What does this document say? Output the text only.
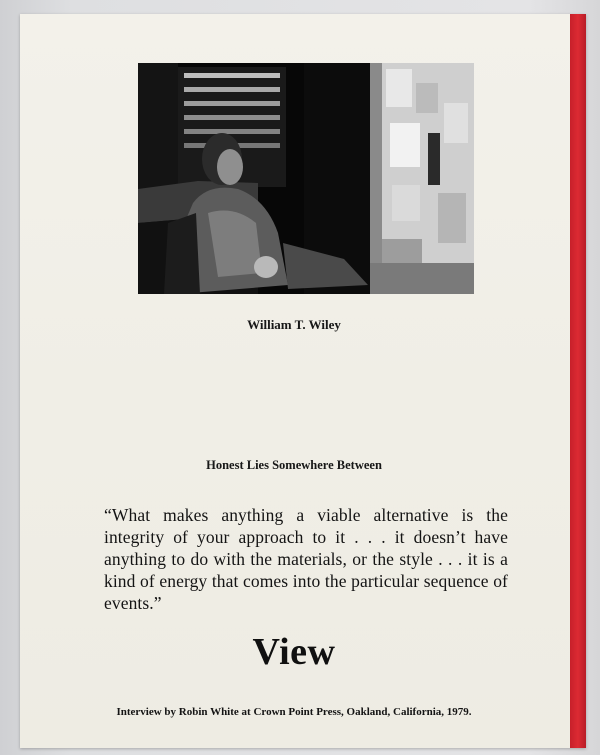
William T. Wiley
Honest Lies Somewhere Between
“What makes anything a viable alternative is the integrity of your approach to it . . . it doesn’t have anything to do with the materials, or the style . . . it is a kind of energy that comes into the particular sequence of events.”
View
Interview by Robin White at Crown Point Press, Oakland, California, 1979.
